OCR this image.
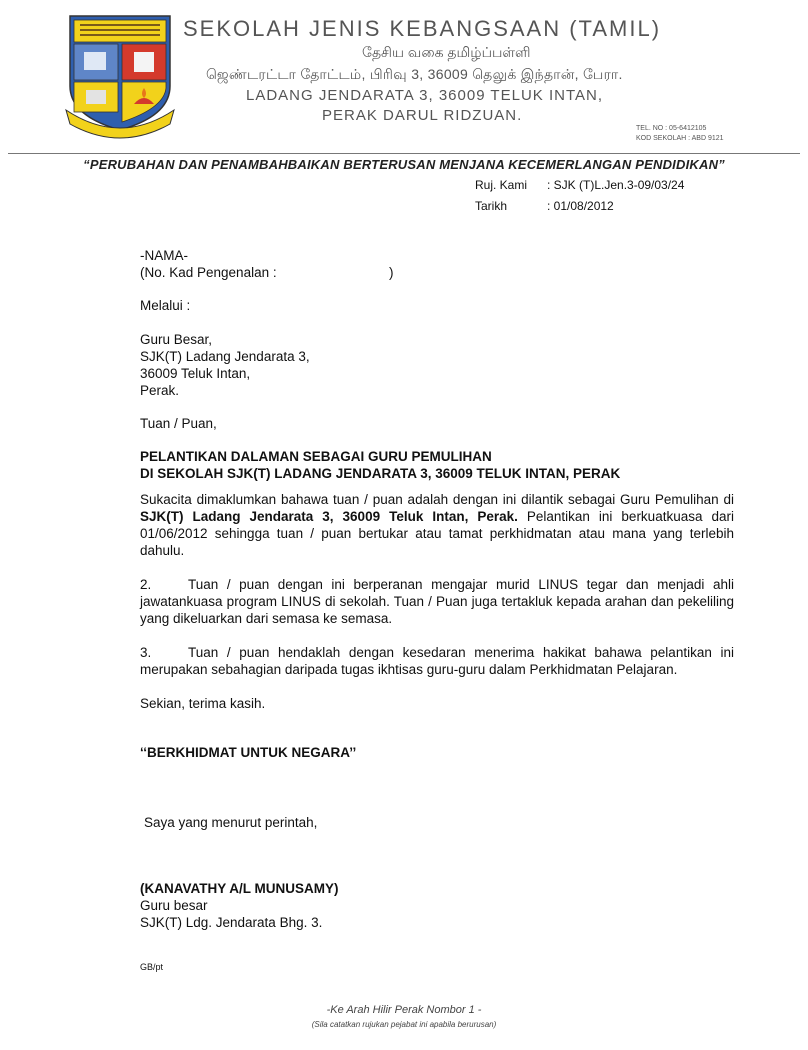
SEKOLAH JENIS KEBANGSAAN (TAMIL)
தேசிய வகை தமிழ்ப்பள்ளி
ஜெண்டரட்டா தோட்டம், பிரிவு 3, 36009 தெலுக் இந்தான், பேரா.
LADANG JENDARATA 3, 36009 TELUK INTAN,
PERAK DARUL RIDZUAN.
TEL. NO : 05-6412105
KOD SEKOLAH : ABD 9121
“PERUBAHAN DAN PENAMBAHBAIKAN BERTERUSAN MENJANA KECEMERLANGAN PENDIDIKAN”
Ruj. Kami : SJK (T)L.Jen.3-09/03/24
Tarikh	: 01/08/2012
-NAMA-
(No. Kad Pengenalan :	)
Melalui :
Guru Besar,
SJK(T) Ladang Jendarata 3,
36009 Teluk Intan,
Perak.
Tuan / Puan,
PELANTIKAN DALAMAN SEBAGAI GURU PEMULIHAN
DI SEKOLAH SJK(T) LADANG JENDARATA 3, 36009 TELUK INTAN, PERAK

Sukacita dimaklumkan bahawa tuan / puan adalah dengan ini dilantik sebagai Guru Pemulihan di SJK(T) Ladang Jendarata 3, 36009 Teluk Intan, Perak. Pelantikan ini berkuatkuasa dari 01/06/2012 sehingga tuan / puan bertukar atau tamat perkhidmatan atau mana yang terlebih dahulu.

2.	Tuan / puan dengan ini berperanan mengajar murid LINUS tegar dan menjadi ahli jawatankuasa program LINUS di sekolah. Tuan / Puan juga tertakluk kepada arahan dan pekeliling yang dikeluarkan dari semasa ke semasa.

3.	Tuan / puan hendaklah dengan kesedaran menerima hakikat bahawa pelantikan ini merupakan sebahagian daripada tugas ikhtisas guru-guru dalam Perkhidmatan Pelajaran.

Sekian, terima kasih.
‘‘BERKHIDMAT UNTUK NEGARA’’
Saya yang menurut perintah,
(KANAVATHY A/L MUNUSAMY)
Guru besar
SJK(T) Ldg. Jendarata Bhg. 3.
GB/pt
-Ke Arah Hilir Perak Nombor 1 -
(Sila catatkan rujukan pejabat ini apabila berurusan)
